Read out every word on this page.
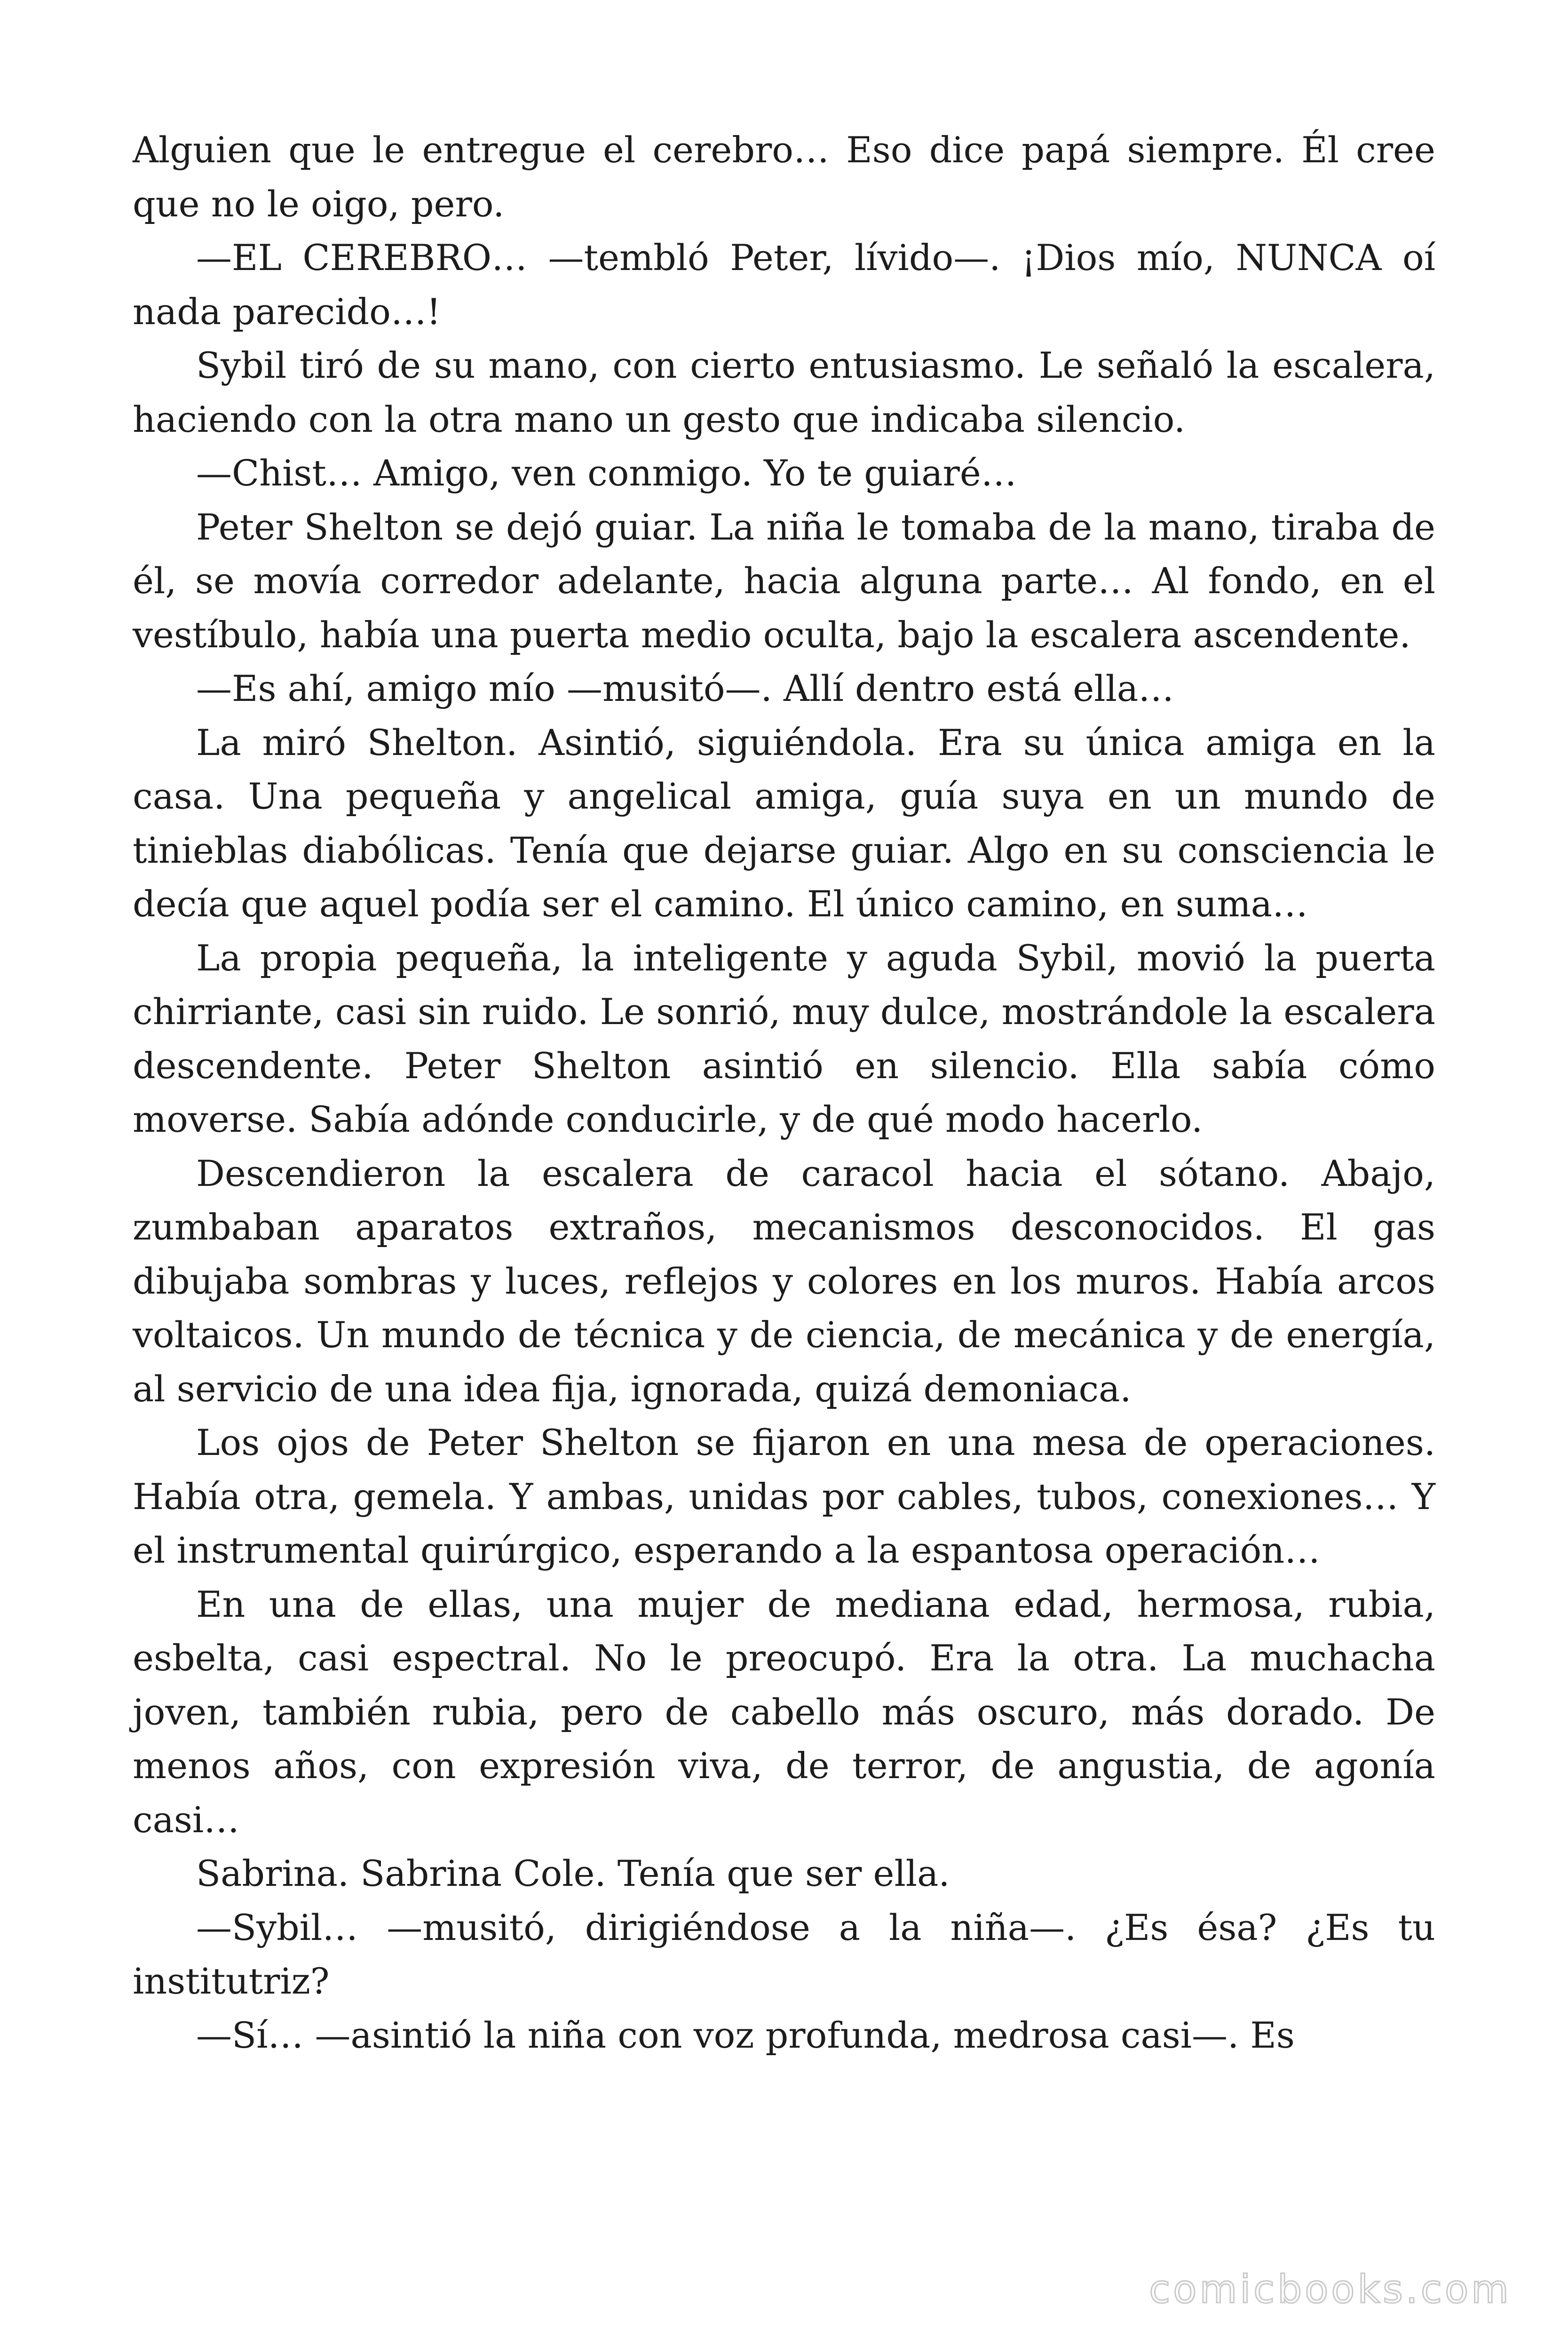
Alguien que le entregue el cerebro… Eso dice papá siempre. Él cree que no le oigo, pero.

—EL CEREBRO… —tembló Peter, lívido—. ¡Dios mío, NUNCA oí nada parecido…!

Sybil tiró de su mano, con cierto entusiasmo. Le señaló la escalera, haciendo con la otra mano un gesto que indicaba silencio.

—Chist… Amigo, ven conmigo. Yo te guiaré…

Peter Shelton se dejó guiar. La niña le tomaba de la mano, tiraba de él, se movía corredor adelante, hacia alguna parte… Al fondo, en el vestíbulo, había una puerta medio oculta, bajo la escalera ascendente.

—Es ahí, amigo mío —musitó—. Allí dentro está ella…

La miró Shelton. Asintió, siguiéndola. Era su única amiga en la casa. Una pequeña y angelical amiga, guía suya en un mundo de tinieblas diabólicas. Tenía que dejarse guiar. Algo en su consciencia le decía que aquel podía ser el camino. El único camino, en suma…

La propia pequeña, la inteligente y aguda Sybil, movió la puerta chirriante, casi sin ruido. Le sonrió, muy dulce, mostrándole la escalera descendente. Peter Shelton asintió en silencio. Ella sabía cómo moverse. Sabía adónde conducirle, y de qué modo hacerlo.

Descendieron la escalera de caracol hacia el sótano. Abajo, zumbaban aparatos extraños, mecanismos desconocidos. El gas dibujaba sombras y luces, reflejos y colores en los muros. Había arcos voltaicos. Un mundo de técnica y de ciencia, de mecánica y de energía, al servicio de una idea fija, ignorada, quizá demoniaca.

Los ojos de Peter Shelton se fijaron en una mesa de operaciones. Había otra, gemela. Y ambas, unidas por cables, tubos, conexiones… Y el instrumental quirúrgico, esperando a la espantosa operación…

En una de ellas, una mujer de mediana edad, hermosa, rubia, esbelta, casi espectral. No le preocupó. Era la otra. La muchacha joven, también rubia, pero de cabello más oscuro, más dorado. De menos años, con expresión viva, de terror, de angustia, de agonía casi…

Sabrina. Sabrina Cole. Tenía que ser ella.

—Sybil… —musitó, dirigiéndose a la niña—. ¿Es ésa? ¿Es tu institutriz?

—Sí… —asintió la niña con voz profunda, medrosa casi—. Es

comicbooks.com
